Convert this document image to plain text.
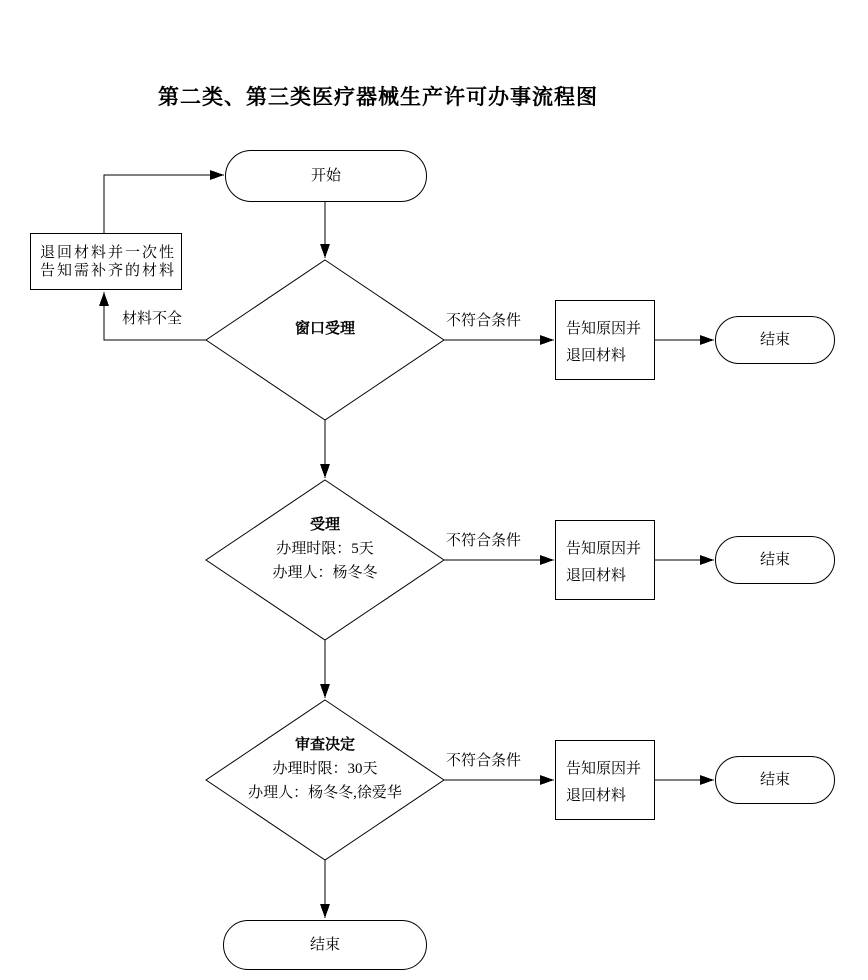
第二类、第三类医疗器械生产许可办事流程图
开始
退回材料并一次性
告知需补齐的材料
材料不全
窗口受理
受理
办理时限：5天
办理人：杨冬冬
审查决定
办理时限：30天
办理人：杨冬冬,徐爱华
不符合条件	告知原因并
退回材料
结束
不符合条件	告知原因并
退回材料
结束
不符合条件	告知原因并
退回材料
结束
结束
